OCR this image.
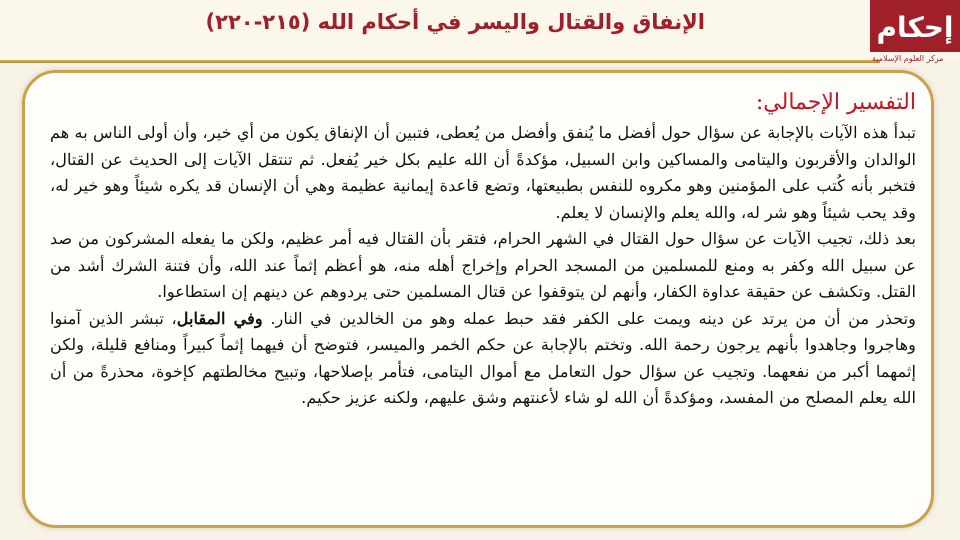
الإنفاق والقتال واليسر في أحكام الله (٢١٥-٢٢٠)	إحكام
مركز العلوم الإسلامية
التفسير الإجمالي:

تبدأ هذه الآيات بالإجابة عن سؤال حول أفضل ما يُنفق وأفضل من يُعطى، فتبين أن الإنفاق يكون من أي خير، وأن أولى الناس به هم الوالدان والأقربون واليتامى والمساكين وابن السبيل، مؤكدةً أن الله عليم بكل خير يُفعل. ثم تنتقل الآيات إلى الحديث عن القتال، فتخبر بأنه كُتب على المؤمنين وهو مكروه للنفس بطبيعتها، وتضع قاعدة إيمانية عظيمة وهي أن الإنسان قد يكره شيئاً وهو خير له، وقد يحب شيئاً وهو شر له، والله يعلم والإنسان لا يعلم.

بعد ذلك، تجيب الآيات عن سؤال حول القتال في الشهر الحرام، فتقر بأن القتال فيه أمر عظيم، ولكن ما يفعله المشركون من صد عن سبيل الله وكفر به ومنع للمسلمين من المسجد الحرام وإخراج أهله منه، هو أعظم إثماً عند الله، وأن فتنة الشرك أشد من القتل. وتكشف عن حقيقة عداوة الكفار، وأنهم لن يتوقفوا عن قتال المسلمين حتى يردوهم عن دينهم إن استطاعوا.

وتحذر من أن من يرتد عن دينه ويمت على الكفر فقد حبط عمله وهو من الخالدين في النار. وفي المقابل، تبشر الذين آمنوا وهاجروا وجاهدوا بأنهم يرجون رحمة الله. وتختم بالإجابة عن حكم الخمر والميسر، فتوضح أن فيهما إثماً كبيراً ومنافع قليلة، ولكن إثمهما أكبر من نفعهما. وتجيب عن سؤال حول التعامل مع أموال اليتامى، فتأمر بإصلاحها، وتبيح مخالطتهم كإخوة، محذرةً من أن الله يعلم المصلح من المفسد، ومؤكدةً أن الله لو شاء لأعنتهم وشق عليهم، ولكنه عزيز حكيم.
